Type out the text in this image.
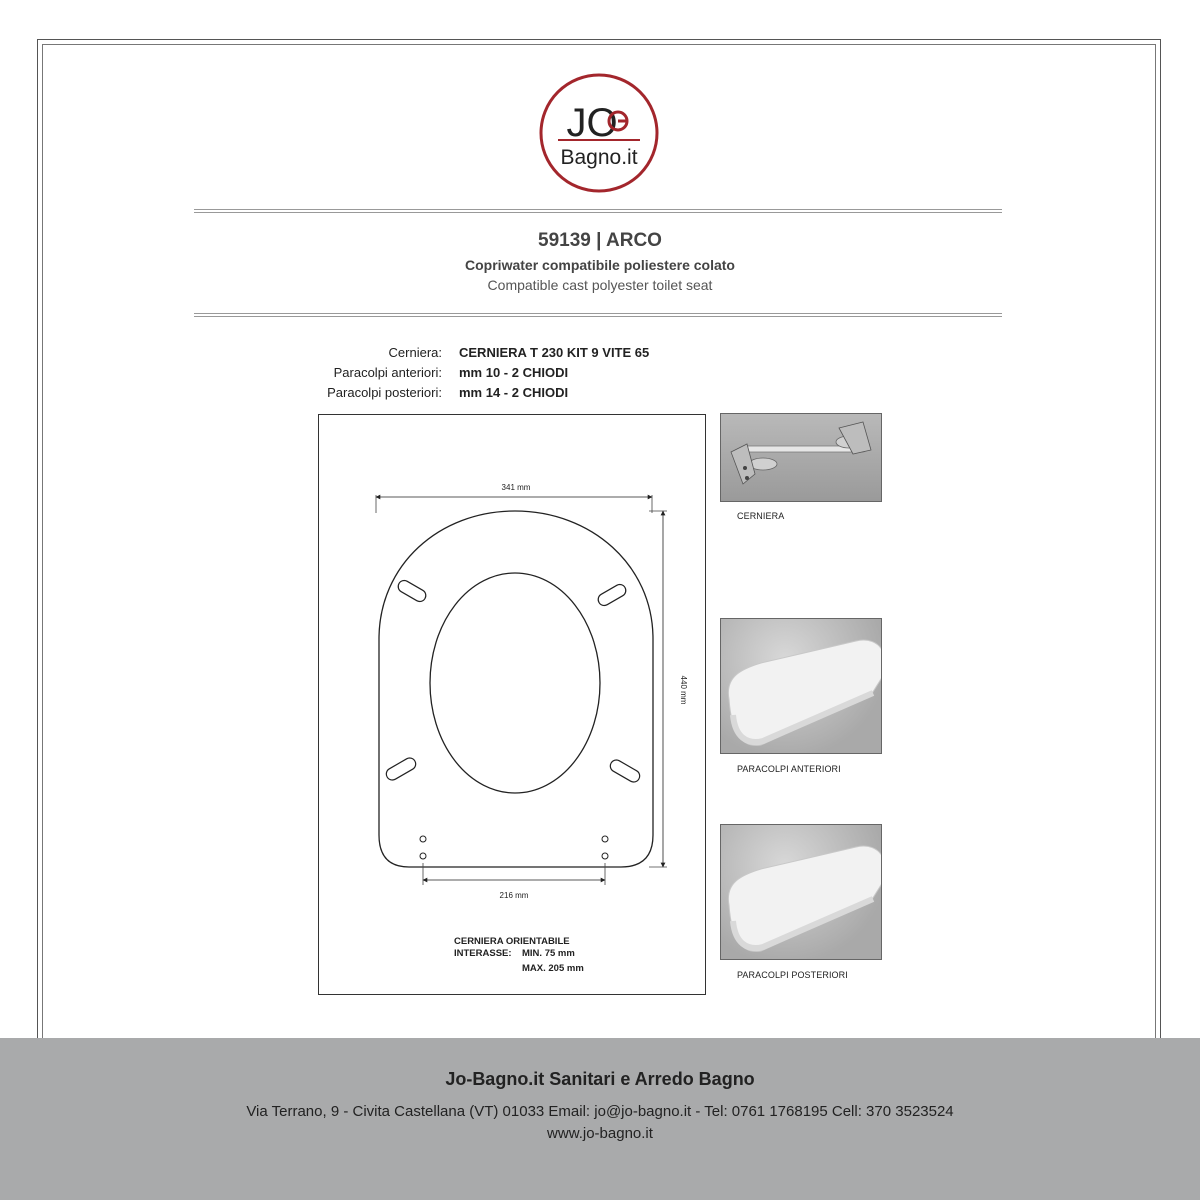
JO
Bagno.it
59139 | ARCO
Copriwater compatibile poliestere colato
Compatible cast polyester toilet seat
Cerniera: CERNIERA T 230 KIT 9 VITE 65
Paracolpi anteriori: mm 10 - 2 CHIODI
Paracolpi posteriori: mm 14 - 2 CHIODI
341 mm
440 mm
216 mm
CERNIERA ORIENTABILE
INTERASSE: MIN. 75 mm
MAX. 205 mm
CERNIERA
PARACOLPI ANTERIORI
PARACOLPI POSTERIORI
Jo-Bagno.it Sanitari e Arredo Bagno
Via Terrano, 9 - Civita Castellana (VT) 01033 Email: jo@jo-bagno.it - Tel: 0761 1768195 Cell: 370 3523524
www.jo-bagno.it
